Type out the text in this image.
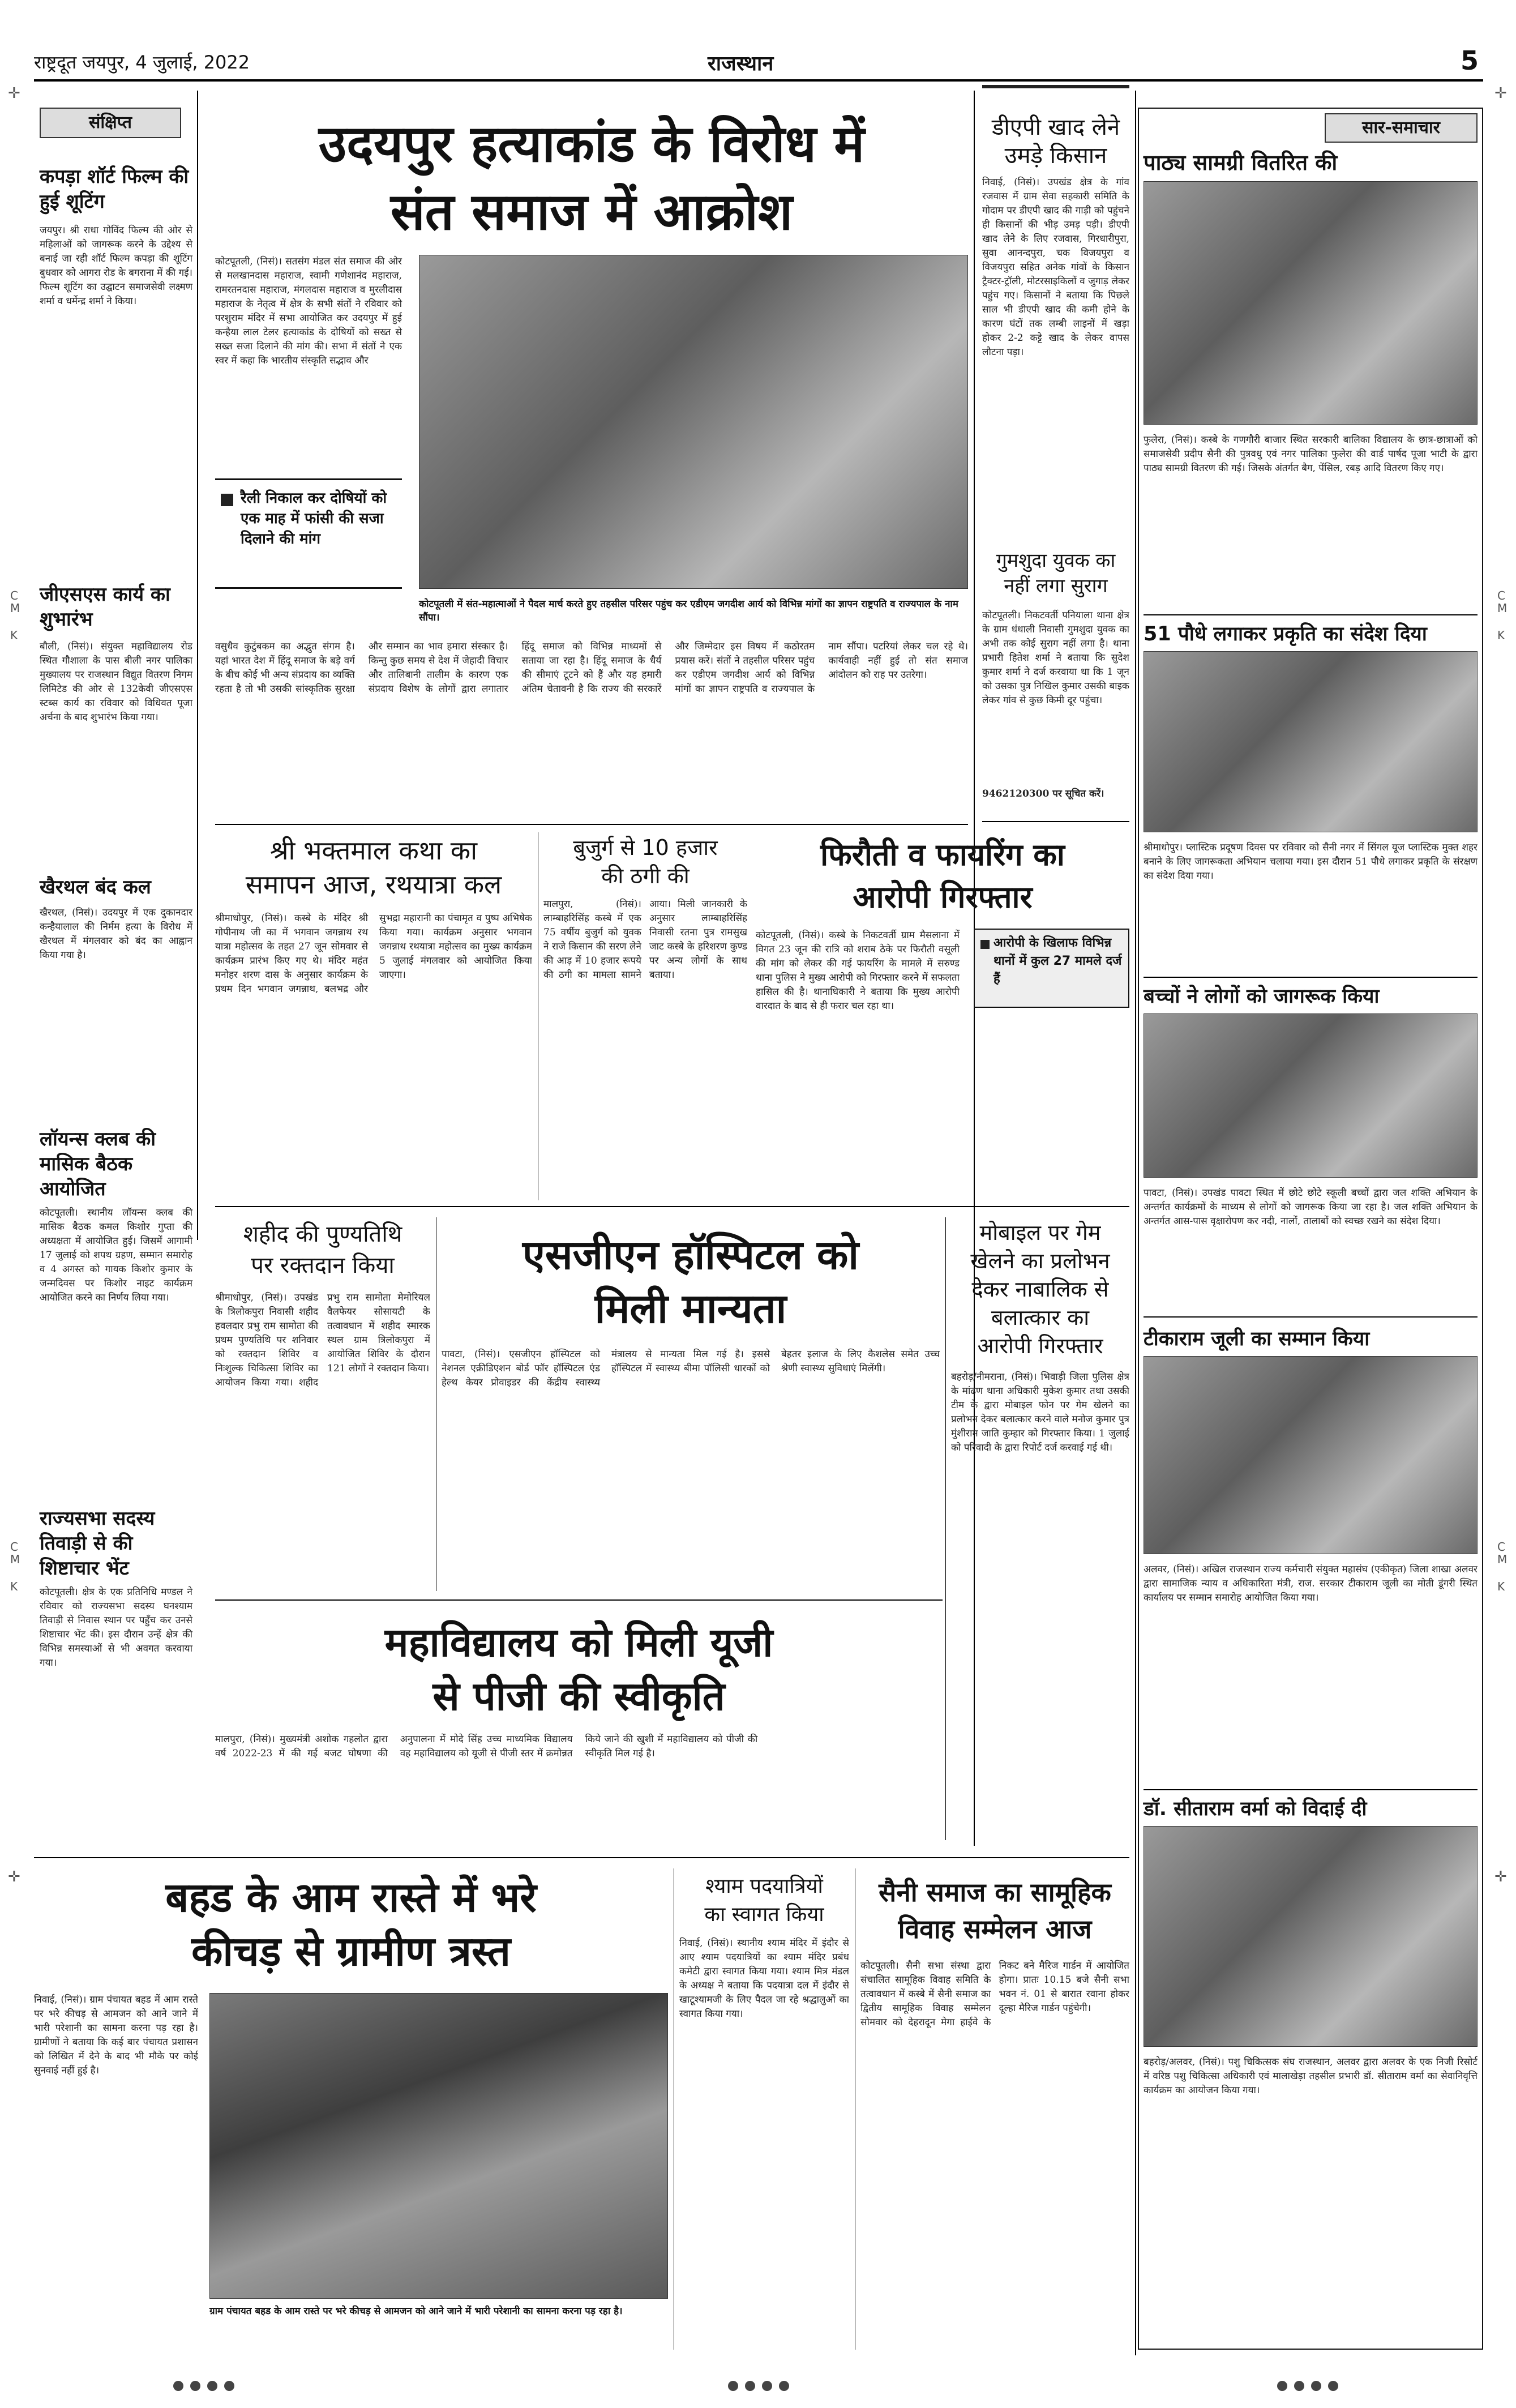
राष्ट्रदूत जयपुर, 4 जुलाई, 2022	राजस्थान	5
✛
✛
✛
✛
C
M
K
C
M
K
C
M
K
C
M
K
संक्षिप्त
कपड़ा शॉर्ट फिल्म की हुई शूटिंग
जयपुर। श्री राधा गोविंद फिल्म की ओर से महिलाओं को जागरूक करने के उद्देश्य से बनाई जा रही शॉर्ट फिल्म कपड़ा की शूटिंग बुधवार को आगरा रोड के बगराना में की गई। फिल्म शूटिंग का उद्घाटन समाजसेवी लक्ष्मण शर्मा व धर्मेन्द्र शर्मा ने किया।
जीएसएस कार्य का शुभारंभ
बौली, (निसं)। संयुक्त महाविद्यालय रोड स्थित गौशाला के पास बीली नगर पालिका मुख्यालय पर राजस्थान विद्युत वितरण निगम लिमिटेड की ओर से 132केवी जीएसएस स्टब्स कार्य का रविवार को विधिवत पूजा अर्चना के बाद शुभारंभ किया गया।
खैरथल बंद कल
खैरथल, (निसं)। उदयपुर में एक दुकानदार कन्हैयालाल की निर्मम हत्या के विरोध में खैरथल में मंगलवार को बंद का आह्वान किया गया है।
लॉयन्स क्लब की मासिक बैठक आयोजित
कोटपूतली। स्थानीय लॉयन्स क्लब की मासिक बैठक कमल किशोर गुप्ता की अध्यक्षता में आयोजित हुई। जिसमें आगामी 17 जुलाई को शपथ ग्रहण, सम्मान समारोह व 4 अगस्त को गायक किशोर कुमार के जन्मदिवस पर किशोर नाइट कार्यक्रम आयोजित करने का निर्णय लिया गया।
राज्यसभा सदस्य तिवाड़ी से की शिष्टाचार भेंट
कोटपूतली। क्षेत्र के एक प्रतिनिधि मण्डल ने रविवार को राज्यसभा सदस्य घनश्याम तिवाड़ी से निवास स्थान पर पहुँच कर उनसे शिष्टाचार भेंट की। इस दौरान उन्हें क्षेत्र की विभिन्न समस्याओं से भी अवगत करवाया गया।
उदयपुर हत्याकांड के विरोध में
संत समाज में आक्रोश
कोटपूतली, (निसं)। सतसंग मंडल संत समाज की ओर से मलखानदास महाराज, स्वामी गणेशानंद महाराज, रामरतनदास महाराज, मंगलदास महाराज व मुरलीदास महाराज के नेतृत्व में क्षेत्र के सभी संतों ने रविवार को परशुराम मंदिर में सभा आयोजित कर उदयपुर में हुई कन्हैया लाल टेलर हत्याकांड के दोषियों को सख्त से सख्त सजा दिलाने की मांग की। सभा में संतों ने एक स्वर में कहा कि भारतीय संस्कृति सद्भाव और
रैली निकाल कर दोषियों को एक माह में फांसी की सजा दिलाने की मांग
कोटपूतली में संत-महात्माओं ने पैदल मार्च करते हुए तहसील परिसर पहुंच कर एडीएम जगदीश आर्य को विभिन्न मांगों का ज्ञापन राष्ट्रपति व राज्यपाल के नाम सौंपा।
वसुधैव कुटुंबकम का अद्भुत संगम है। यहां भारत देश में हिंदू समाज के बड़े वर्ग के बीच कोई भी अन्य संप्रदाय का व्यक्ति रहता है तो भी उसकी सांस्कृतिक सुरक्षा और सम्मान का भाव हमारा संस्कार है। किन्तु कुछ समय से देश में जेहादी विचार और तालिबानी तालीम के कारण एक संप्रदाय विशेष के लोगों द्वारा लगातार हिंदू समाज को विभिन्न माध्यमों से सताया जा रहा है। हिंदू समाज के धैर्य की सीमाएं टूटने को हैं और यह हमारी अंतिम चेतावनी है कि राज्य की सरकारें और जिम्मेदार इस विषय में कठोरतम प्रयास करें। संतों ने तहसील परिसर पहुंच कर एडीएम जगदीश आर्य को विभिन्न मांगों का ज्ञापन राष्ट्रपति व राज्यपाल के नाम सौंपा। पटरियां लेकर चल रहे थे। कार्यवाही नहीं हुई तो संत समाज आंदोलन को राह पर उतरेगा।
डीएपी खाद लेने
उमड़े किसान
निवाई, (निसं)। उपखंड क्षेत्र के गांव रजवास में ग्राम सेवा सहकारी समिति के गोदाम पर डीएपी खाद की गाड़ी को पहुंचने ही किसानों की भीड़ उमड़ पड़ी। डीएपी खाद लेने के लिए रजवास, गिरधारीपुरा, सुवा आनन्दपुरा, चक विजयपुरा व विजयपुरा सहित अनेक गांवों के किसान ट्रैक्टर-ट्रॉली, मोटरसाइकिलों व जुगाड़ लेकर पहुंच गए। किसानों ने बताया कि पिछले साल भी डीएपी खाद की कमी होने के कारण घंटों तक लम्बी लाइनों में खड़ा होकर 2-2 कट्टे खाद के लेकर वापस लौटना पड़ा।
गुमशुदा युवक का
नहीं लगा सुराग
कोटपूतली। निकटवर्ती पनियाला थाना क्षेत्र के ग्राम धंधाली निवासी गुमशुदा युवक का अभी तक कोई सुराग नहीं लगा है। थाना प्रभारी हितेश शर्मा ने बताया कि सुदेश कुमार शर्मा ने दर्ज करवाया था कि 1 जून को उसका पुत्र निखिल कुमार उसकी बाइक लेकर गांव से कुछ किमी दूर पहुंचा।
9462120300 पर सूचित करें।
श्री भक्तमाल कथा का
समापन आज, रथयात्रा कल
श्रीमाधोपुर, (निसं)। कस्बे के मंदिर श्री गोपीनाथ जी का में भगवान जगन्नाथ रथ यात्रा महोत्सव के तहत 27 जून सोमवार से कार्यक्रम प्रारंभ किए गए थे। मंदिर महंत मनोहर शरण दास के अनुसार कार्यक्रम के प्रथम दिन भगवान जगन्नाथ, बलभद्र और सुभद्रा महारानी का पंचामृत व पुष्प अभिषेक किया गया। कार्यक्रम अनुसार भगवान जगन्नाथ रथयात्रा महोत्सव का मुख्य कार्यक्रम 5 जुलाई मंगलवार को आयोजित किया जाएगा।
बुजुर्ग से 10 हजार
की ठगी की
मालपुरा, (निसं)। लाम्बाहरिसिंह कस्बे में एक 75 वर्षीय बुजुर्ग को युवक ने राजे किसान की सरण लेने की आड़ में 10 हजार रूपये की ठगी का मामला सामने आया। मिली जानकारी के अनुसार लाम्बाहरिसिंह निवासी रतना पुत्र रामसुख जाट कस्बे के हरिशरण कुण्ड पर अन्य लोगों के साथ बताया।
फिरौती व फायरिंग का
आरोपी गिरफ्तार
कोटपूतली, (निसं)। कस्बे के निकटवर्ती ग्राम मैसलाना में विगत 23 जून की रात्रि को शराब ठेके पर फिरौती वसूली की मांग को लेकर की गई फायरिंग के मामले में सरुण्ड थाना पुलिस ने मुख्य आरोपी को गिरफ्तार करने में सफलता हासिल की है। थानाधिकारी ने बताया कि मुख्य आरोपी वारदात के बाद से ही फरार चल रहा था।
आरोपी के खिलाफ विभिन्न थानों में कुल 27 मामले दर्ज हैं
शहीद की पुण्यतिथि
पर रक्तदान किया
श्रीमाधोपुर, (निसं)। उपखंड के त्रिलोकपुरा निवासी शहीद हवलदार प्रभु राम सामोता की प्रथम पुण्यतिथि पर शनिवार को रक्तदान शिविर व निःशुल्क चिकित्सा शिविर का आयोजन किया गया। शहीद प्रभु राम सामोता मेमोरियल वैलफेयर सोसायटी के तत्वावधान में शहीद स्मारक स्थल ग्राम त्रिलोकपुरा में आयोजित शिविर के दौरान 121 लोगों ने रक्तदान किया।
एसजीएन हॉस्पिटल को
मिली मान्यता
पावटा, (निसं)। एसजीएन हॉस्पिटल को नेशनल एक्रीडिएशन बोर्ड फॉर हॉस्पिटल एंड हेल्थ केयर प्रोवाइडर की केंद्रीय स्वास्थ्य मंत्रालय से मान्यता मिल गई है। इससे हॉस्पिटल में स्वास्थ्य बीमा पॉलिसी धारकों को बेहतर इलाज के लिए कैशलेस समेत उच्च श्रेणी स्वास्थ्य सुविधाएं मिलेंगी।
मोबाइल पर गेम
खेलने का प्रलोभन
देकर नाबालिक से
बलात्कार का
आरोपी गिरफ्तार
बहरोड़/नीमराना, (निसं)। भिवाड़ी जिला पुलिस क्षेत्र के मांढण थाना अधिकारी मुकेश कुमार तथा उसकी टीम के द्वारा मोबाइल फोन पर गेम खेलने का प्रलोभन देकर बलात्कार करने वाले मनोज कुमार पुत्र मुंशीराम जाति कुम्हार को गिरफ्तार किया। 1 जुलाई को परिवादी के द्वारा रिपोर्ट दर्ज करवाई गई थी।
महाविद्यालय को मिली यूजी
से पीजी की स्वीकृति
मालपुरा, (निसं)। मुख्यमंत्री अशोक गहलोत द्वारा वर्ष 2022-23 में की गई बजट घोषणा की अनुपालना में मोदे सिंह उच्च माध्यमिक विद्यालय वह महाविद्यालय को यूजी से पीजी स्तर में क्रमोन्नत किये जाने की खुशी में महाविद्यालय को पीजी की स्वीकृति मिल गई है।
बहड के आम रास्ते में भरे
कीचड़ से ग्रामीण त्रस्त
निवाई, (निसं)। ग्राम पंचायत बहड में आम रास्ते पर भरे कीचड़ से आमजन को आने जाने में भारी परेशानी का सामना करना पड़ रहा है। ग्रामीणों ने बताया कि कई बार पंचायत प्रशासन को लिखित में देने के बाद भी मौके पर कोई सुनवाई नहीं हुई है।
ग्राम पंचायत बहड के आम रास्ते पर भरे कीचड़ से आमजन को आने जाने में भारी परेशानी का सामना करना पड़ रहा है।
श्याम पदयात्रियों
का स्वागत किया
निवाई, (निसं)। स्थानीय श्याम मंदिर में इंदौर से आए श्याम पदयात्रियों का श्याम मंदिर प्रबंध कमेटी द्वारा स्वागत किया गया। श्याम मित्र मंडल के अध्यक्ष ने बताया कि पदयात्रा दल में इंदौर से खाटूश्यामजी के लिए पैदल जा रहे श्रद्धालुओं का स्वागत किया गया।
सैनी समाज का सामूहिक
विवाह सम्मेलन आज
कोटपूतली। सैनी सभा संस्था द्वारा संचालित सामूहिक विवाह समिति के तत्वावधान में कस्बे में सैनी समाज का द्वितीय सामूहिक विवाह सम्मेलन सोमवार को देहरादून मेगा हाईवे के निकट बने मैरिज गार्डन में आयोजित होगा। प्रातः 10.15 बजे सैनी सभा भवन नं. 01 से बारात रवाना होकर दूल्हा मैरिज गार्डन पहुंचेगी।
सार-समाचार
पाठ्य सामग्री वितरित की
फुलेरा, (निसं)। कस्बे के गणगौरी बाजार स्थित सरकारी बालिका विद्यालय के छात्र-छात्राओं को समाजसेवी प्रदीप सैनी की पुत्रवधु एवं नगर पालिका फुलेरा की वार्ड पार्षद पूजा भाटी के द्वारा पाठ्य सामग्री वितरण की गई। जिसके अंतर्गत बैग, पेंसिल, रबड़ आदि वितरण किए गए।
51 पौधे लगाकर प्रकृति का संदेश दिया
श्रीमाधोपुर। प्लास्टिक प्रदूषण दिवस पर रविवार को सैनी नगर में सिंगल यूज प्लास्टिक मुक्त शहर बनाने के लिए जागरूकता अभियान चलाया गया। इस दौरान 51 पौधे लगाकर प्रकृति के संरक्षण का संदेश दिया गया।
बच्चों ने लोगों को जागरूक किया
पावटा, (निसं)। उपखंड पावटा स्थित में छोटे छोटे स्कूली बच्चों द्वारा जल शक्ति अभियान के अन्तर्गत कार्यक्रमों के माध्यम से लोगों को जागरूक किया जा रहा है। जल शक्ति अभियान के अन्तर्गत आस-पास वृक्षारोपण कर नदी, नालों, तालाबों को स्वच्छ रखने का संदेश दिया।
टीकाराम जूली का सम्मान किया
अलवर, (निसं)। अखिल राजस्थान राज्य कर्मचारी संयुक्त महासंघ (एकीकृत) जिला शाखा अलवर द्वारा सामाजिक न्याय व अधिकारिता मंत्री, राज. सरकार टीकाराम जूली का मोती डूंगरी स्थित कार्यालय पर सम्मान समारोह आयोजित किया गया।
डॉ. सीताराम वर्मा को विदाई दी
बहरोड़/अलवर, (निसं)। पशु चिकित्सक संघ राजस्थान, अलवर द्वारा अलवर के एक निजी रिसोर्ट में वरिष्ठ पशु चिकित्सा अधिकारी एवं मालाखेड़ा तहसील प्रभारी डॉ. सीताराम वर्मा का सेवानिवृत्ति कार्यक्रम का आयोजन किया गया।
